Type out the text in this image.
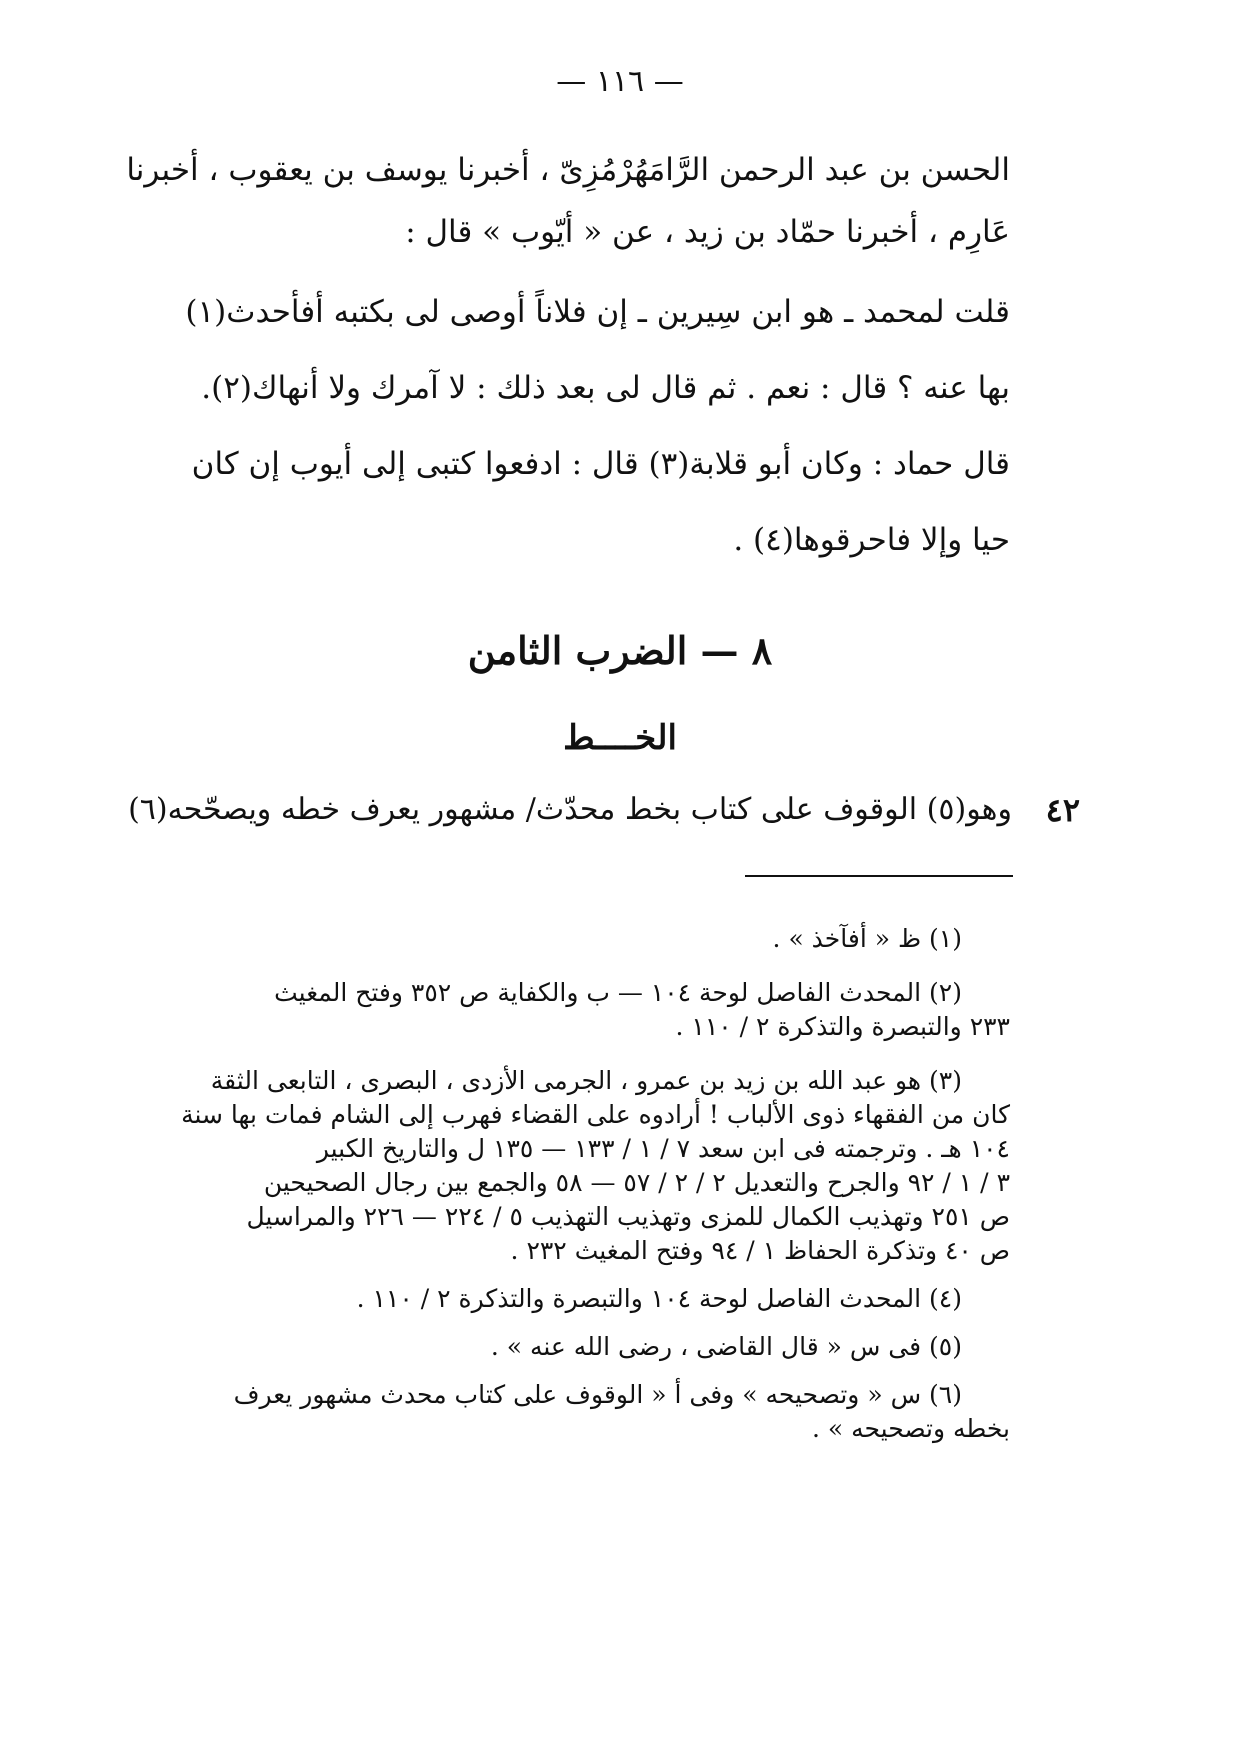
— ١١٦ —

الحسن بن عبد الرحمن الرَّامَهُرْمُزِىّ ، أخبرنا يوسف بن يعقوب ، أخبرنا

عَارِم ، أخبرنا حمّاد بن زيد ، عن « أيّوب » قال :

قلت لمحمد ـ هو ابن سِيرين ـ إن فلاناً أوصى لى بكتبه أفأحدث(١)

بها عنه ؟ قال : نعم . ثم قال لى بعد ذلك : لا آمرك ولا أنهاك(٢).

قال حماد : وكان أبو قلابة(٣) قال : ادفعوا كتبى إلى أيوب إن كان

حيا وإلا فاحرقوها(٤) .

٨ — الضرب الثامن
الخــــط
٤٢
وهو(٥) الوقوف على كتاب بخط محدّث/ مشهور يعرف خطه ويصحّحه(٦)

(١) ظ « أفآخذ » .

(٢) المحدث الفاصل لوحة ١٠٤ — ب والكفاية ص ٣٥٢ وفتح المغيث

٢٣٣ والتبصرة والتذكرة ٢ / ١١٠ .

(٣) هو عبد الله بن زيد بن عمرو ، الجرمى الأزدى ، البصرى ، التابعى الثقة

كان من الفقهاء ذوى الألباب ! أرادوه على القضاء فهرب إلى الشام فمات بها سنة

١٠٤ هـ . وترجمته فى ابن سعد ٧ / ١ / ١٣٣ — ١٣٥ ل والتاريخ الكبير

٣ / ١ / ٩٢ والجرح والتعديل ٢ / ٢ / ٥٧ — ٥٨ والجمع بين رجال الصحيحين

ص ٢٥١ وتهذيب الكمال للمزى وتهذيب التهذيب ٥ / ٢٢٤ — ٢٢٦ والمراسيل

ص ٤٠ وتذكرة الحفاظ ١ / ٩٤ وفتح المغيث ٢٣٢ .

(٤) المحدث الفاصل لوحة ١٠٤ والتبصرة والتذكرة ٢ / ١١٠ .

(٥) فى س « قال القاضى ، رضى الله عنه » .

(٦) س « وتصحيحه » وفى أ « الوقوف على كتاب محدث مشهور يعرف

بخطه وتصحيحه » .
